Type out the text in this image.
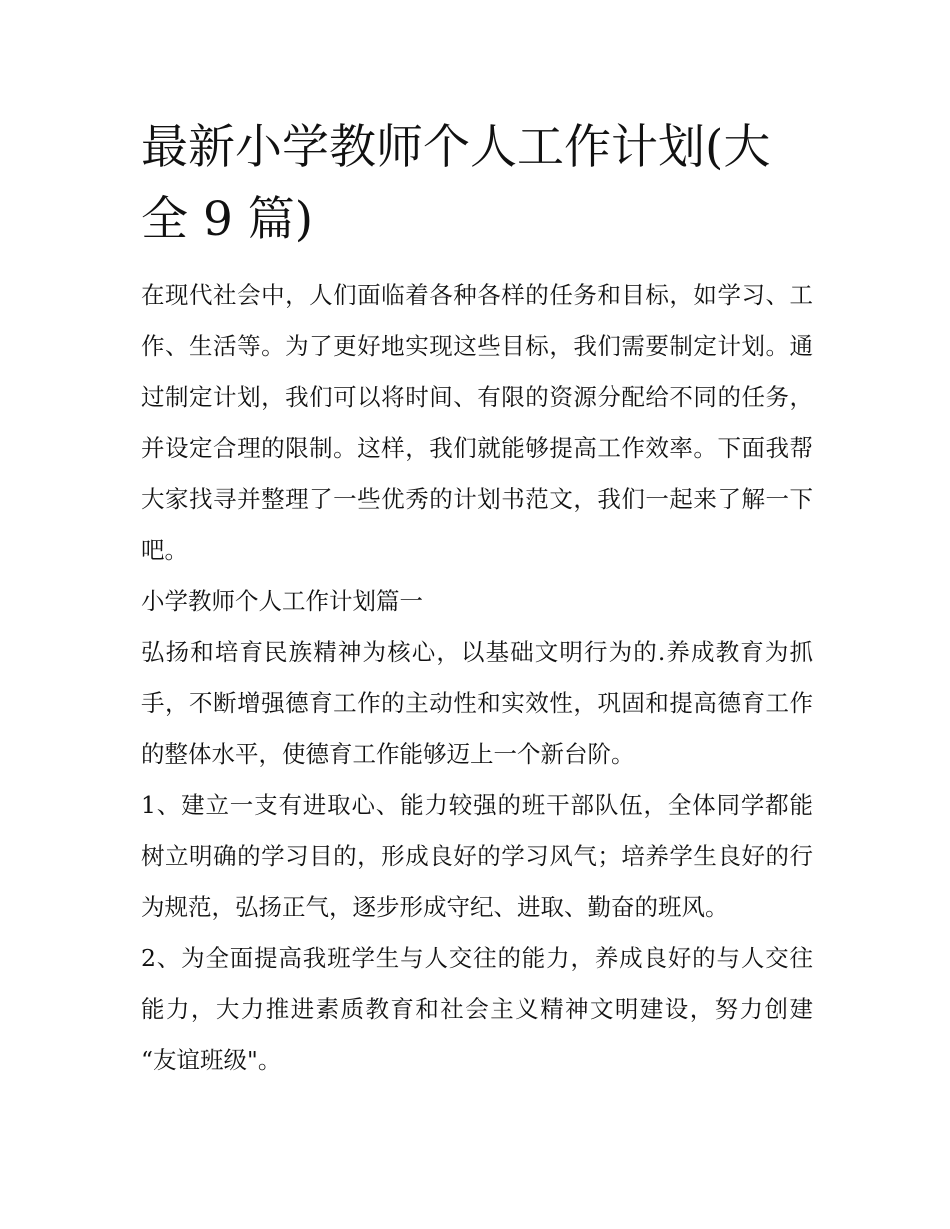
最新小学教师个人工作计划(大全 9 篇)

在现代社会中，人们面临着各种各样的任务和目标，如学习、工作、生活等。为了更好地实现这些目标，我们需要制定计划。通过制定计划，我们可以将时间、有限的资源分配给不同的任务，并设定合理的限制。这样，我们就能够提高工作效率。下面我帮大家找寻并整理了一些优秀的计划书范文，我们一起来了解一下吧。

小学教师个人工作计划篇一

弘扬和培育民族精神为核心，以基础文明行为的.养成教育为抓手，不断增强德育工作的主动性和实效性，巩固和提高德育工作的整体水平，使德育工作能够迈上一个新台阶。

1、建立一支有进取心、能力较强的班干部队伍，全体同学都能树立明确的学习目的，形成良好的学习风气；培养学生良好的行为规范，弘扬正气，逐步形成守纪、进取、勤奋的班风。

2、为全面提高我班学生与人交往的能力，养成良好的与人交往能力，大力推进素质教育和社会主义精神文明建设，努力创建 “友谊班级"。
